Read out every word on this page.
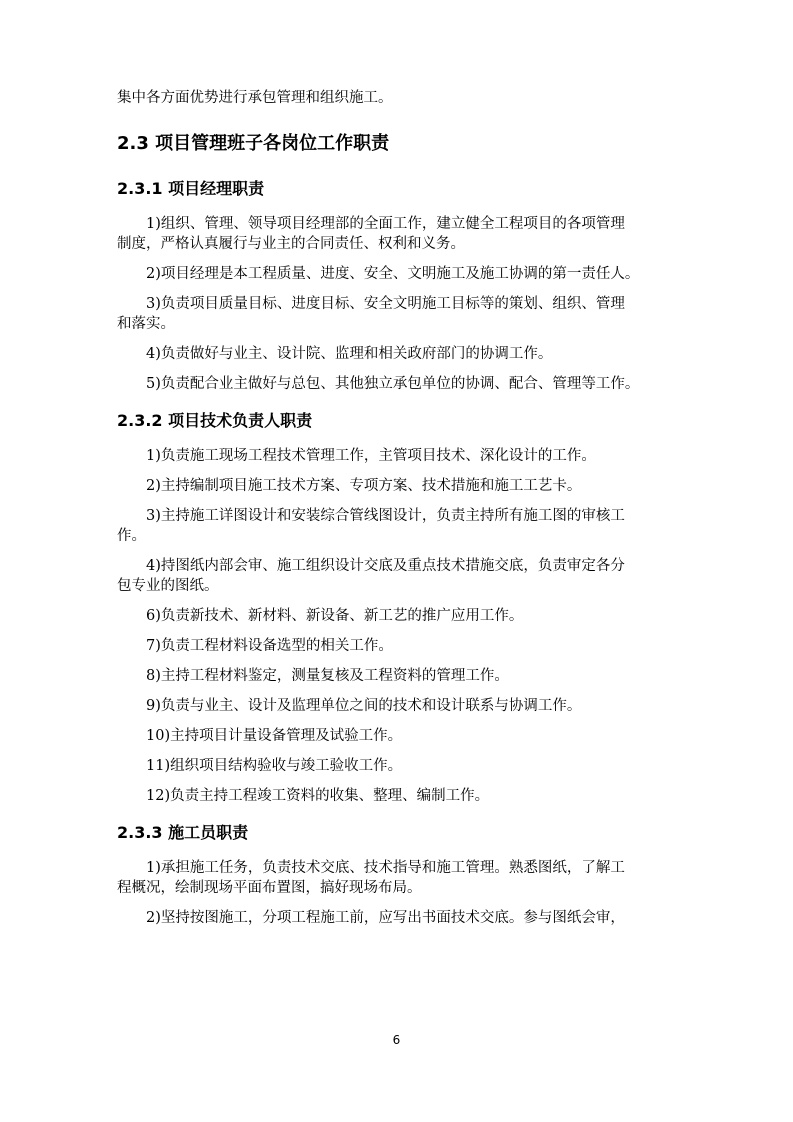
集中各方面优势进行承包管理和组织施工。

2.3 项目管理班子各岗位工作职责
2.3.1 项目经理职责

1)组织、管理、领导项目经理部的全面工作，建立健全工程项目的各项管理
制度，严格认真履行与业主的合同责任、权利和义务。

2)项目经理是本工程质量、进度、安全、文明施工及施工协调的第一责任人。

3)负责项目质量目标、进度目标、安全文明施工目标等的策划、组织、管理
和落实。

4)负责做好与业主、设计院、监理和相关政府部门的协调工作。

5)负责配合业主做好与总包、其他独立承包单位的协调、配合、管理等工作。

2.3.2 项目技术负责人职责

1)负责施工现场工程技术管理工作，主管项目技术、深化设计的工作。

2)主持编制项目施工技术方案、专项方案、技术措施和施工工艺卡。

3)主持施工详图设计和安装综合管线图设计，负责主持所有施工图的审核工
作。

4)持图纸内部会审、施工组织设计交底及重点技术措施交底，负责审定各分
包专业的图纸。

6)负责新技术、新材料、新设备、新工艺的推广应用工作。

7)负责工程材料设备选型的相关工作。

8)主持工程材料鉴定，测量复核及工程资料的管理工作。

9)负责与业主、设计及监理单位之间的技术和设计联系与协调工作。

10)主持项目计量设备管理及试验工作。

11)组织项目结构验收与竣工验收工作。

12)负责主持工程竣工资料的收集、整理、编制工作。

2.3.3 施工员职责

1)承担施工任务，负责技术交底、技术指导和施工管理。熟悉图纸，了解工
程概况，绘制现场平面布置图，搞好现场布局。

2)坚持按图施工，分项工程施工前，应写出书面技术交底。参与图纸会审，

6
